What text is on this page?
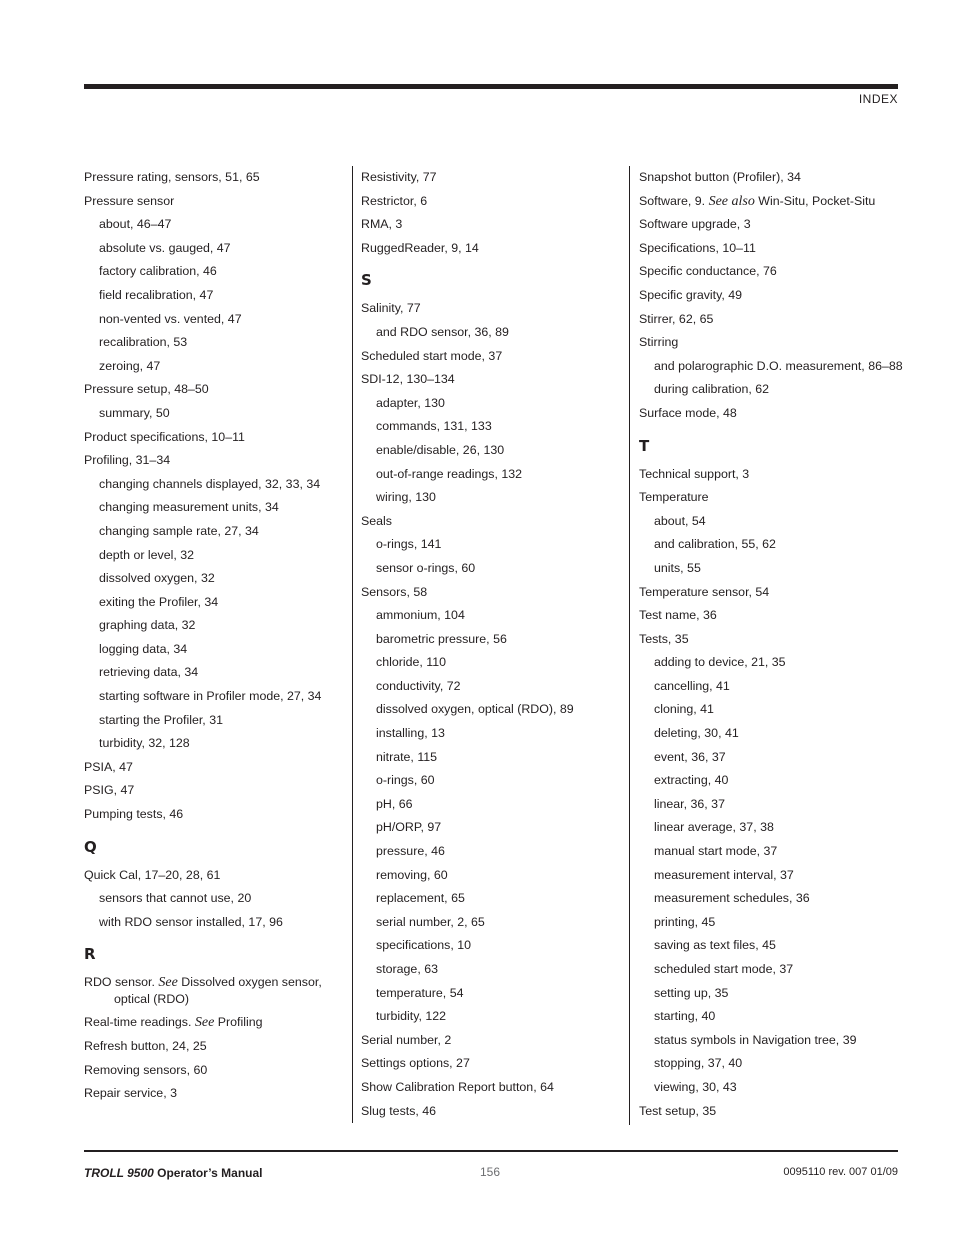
INDEX
Pressure rating, sensors, 51, 65
Pressure sensor
about, 46–47
absolute vs. gauged, 47
factory calibration, 46
field recalibration, 47
non-vented vs. vented, 47
recalibration, 53
zeroing, 47
Pressure setup, 48–50
summary, 50
Product specifications, 10–11
Profiling, 31–34
changing channels displayed, 32, 33, 34
changing measurement units, 34
changing sample rate, 27, 34
depth or level, 32
dissolved oxygen, 32
exiting the Profiler, 34
graphing data, 32
logging data, 34
retrieving data, 34
starting software in Profiler mode, 27, 34
starting the Profiler, 31
turbidity, 32, 128
PSIA, 47
PSIG, 47
Pumping tests, 46
Q
Quick Cal, 17–20, 28, 61
sensors that cannot use, 20
with RDO sensor installed, 17, 96
R
RDO sensor. See Dissolved oxygen sensor,
optical (RDO)
Real-time readings. See Profiling
Refresh button, 24, 25
Removing sensors, 60
Repair service, 3
Resistivity, 77
Restrictor, 6
RMA, 3
RuggedReader, 9, 14
S
Salinity, 77
and RDO sensor, 36, 89
Scheduled start mode, 37
SDI-12, 130–134
adapter, 130
commands, 131, 133
enable/disable, 26, 130
out-of-range readings, 132
wiring, 130
Seals
o-rings, 141
sensor o-rings, 60
Sensors, 58
ammonium, 104
barometric pressure, 56
chloride, 110
conductivity, 72
dissolved oxygen, optical (RDO), 89
installing, 13
nitrate, 115
o-rings, 60
pH, 66
pH/ORP, 97
pressure, 46
removing, 60
replacement, 65
serial number, 2, 65
specifications, 10
storage, 63
temperature, 54
turbidity, 122
Serial number, 2
Settings options, 27
Show Calibration Report button, 64
Slug tests, 46
Snapshot button (Profiler), 34
Software, 9. See also Win-Situ, Pocket-Situ
Software upgrade, 3
Specifications, 10–11
Specific conductance, 76
Specific gravity, 49
Stirrer, 62, 65
Stirring
and polarographic D.O. measurement, 86–88
during calibration, 62
Surface mode, 48
T
Technical support, 3
Temperature
about, 54
and calibration, 55, 62
units, 55
Temperature sensor, 54
Test name, 36
Tests, 35
adding to device, 21, 35
cancelling, 41
cloning, 41
deleting, 30, 41
event, 36, 37
extracting, 40
linear, 36, 37
linear average, 37, 38
manual start mode, 37
measurement interval, 37
measurement schedules, 36
printing, 45
saving as text files, 45
scheduled start mode, 37
setting up, 35
starting, 40
status symbols in Navigation tree, 39
stopping, 37, 40
viewing, 30, 43
Test setup, 35
TROLL 9500 Operator’s Manual	156	0095110 rev. 007 01/09
